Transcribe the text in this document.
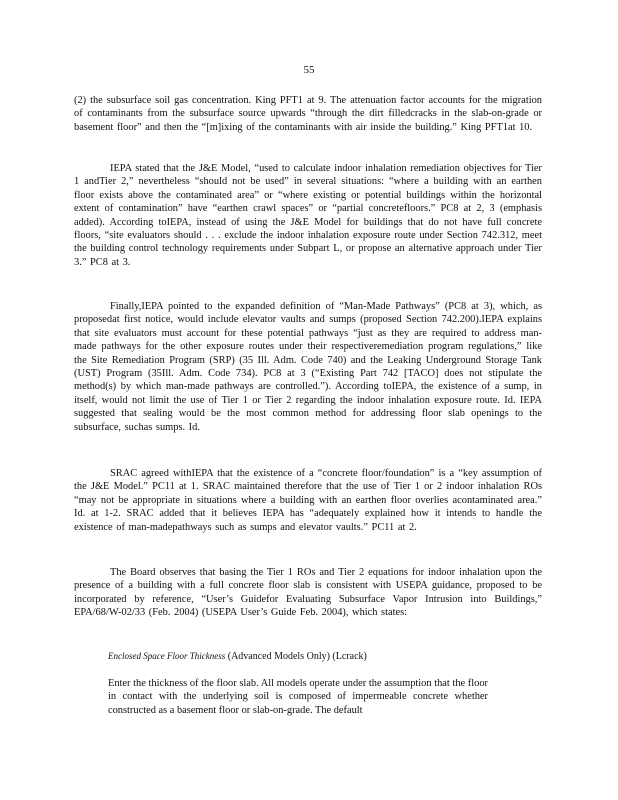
55
(2) the subsurface soil gas concentration. King PFT1 at 9. The attenuation factor accounts for the migration of contaminants from the subsurface source upwards “through the dirt filledcracks in the slab-on-grade or basement floor” and then the “[m]ixing of the contaminants with air inside the building.” King PFT1at 10.
IEPA stated that the J&E Model, “used to calculate indoor inhalation remediation objectives for Tier 1 andTier 2,” nevertheless “should not be used” in several situations: “where a building with an earthen floor exists above the contaminated area” or “where existing or potential buildings within the horizontal extent of contamination” have “earthen crawl spaces” or “partial concretefloors.” PC8 at 2, 3 (emphasis added). According toIEPA, instead of using the J&E Model for buildings that do not have full concrete floors, “site evaluators should . . . exclude the indoor inhalation exposure route under Section 742.312, meet the building control technology requirements under Subpart L, or propose an alternative approach under Tier 3.” PC8 at 3.
Finally,IEPA pointed to the expanded definition of “Man-Made Pathways” (PC8 at 3), which, as proposedat first notice, would include elevator vaults and sumps (proposed Section 742.200).IEPA explains that site evaluators must account for these potential pathways “just as they are required to address man-made pathways for the other exposure routes under their respectiveremediation program regulations,” like the Site Remediation Program (SRP) (35 Ill. Adm. Code 740) and the Leaking Underground Storage Tank (UST) Program (35Ill. Adm. Code 734). PC8 at 3 (“Existing Part 742 [TACO] does not stipulate the method(s) by which man-made pathways are controlled.”). According toIEPA, the existence of a sump, in itself, would not limit the use of Tier 1 or Tier 2 regarding the indoor inhalation exposure route. Id. IEPA suggested that sealing would be the most common method for addressing floor slab openings to the subsurface, suchas sumps. Id.
SRAC agreed withIEPA that the existence of a “concrete floor/foundation” is a “key assumption of the J&E Model.” PC11 at 1. SRAC maintained therefore that the use of Tier 1 or 2 indoor inhalation ROs “may not be appropriate in situations where a building with an earthen floor overlies acontaminated area.” Id. at 1-2. SRAC added that it believes IEPA has “adequately explained how it intends to handle the existence of man-madepathways such as sumps and elevator vaults.” PC11 at 2.
The Board observes that basing the Tier 1 ROs and Tier 2 equations for indoor inhalation upon the presence of a building with a full concrete floor slab is consistent with USEPA guidance, proposed to be incorporated by reference, “User’s Guidefor Evaluating Subsurface Vapor Intrusion into Buildings,” EPA/68/W-02/33 (Feb. 2004) (USEPA User’s Guide Feb. 2004), which states:
Enclosed Space Floor Thickness (Advanced Models Only) (Lcrack)
Enter the thickness of the floor slab. All models operate under the assumption that the floor in contact with the underlying soil is composed of impermeable concrete whether constructed as a basement floor or slab-on-grade. The default
